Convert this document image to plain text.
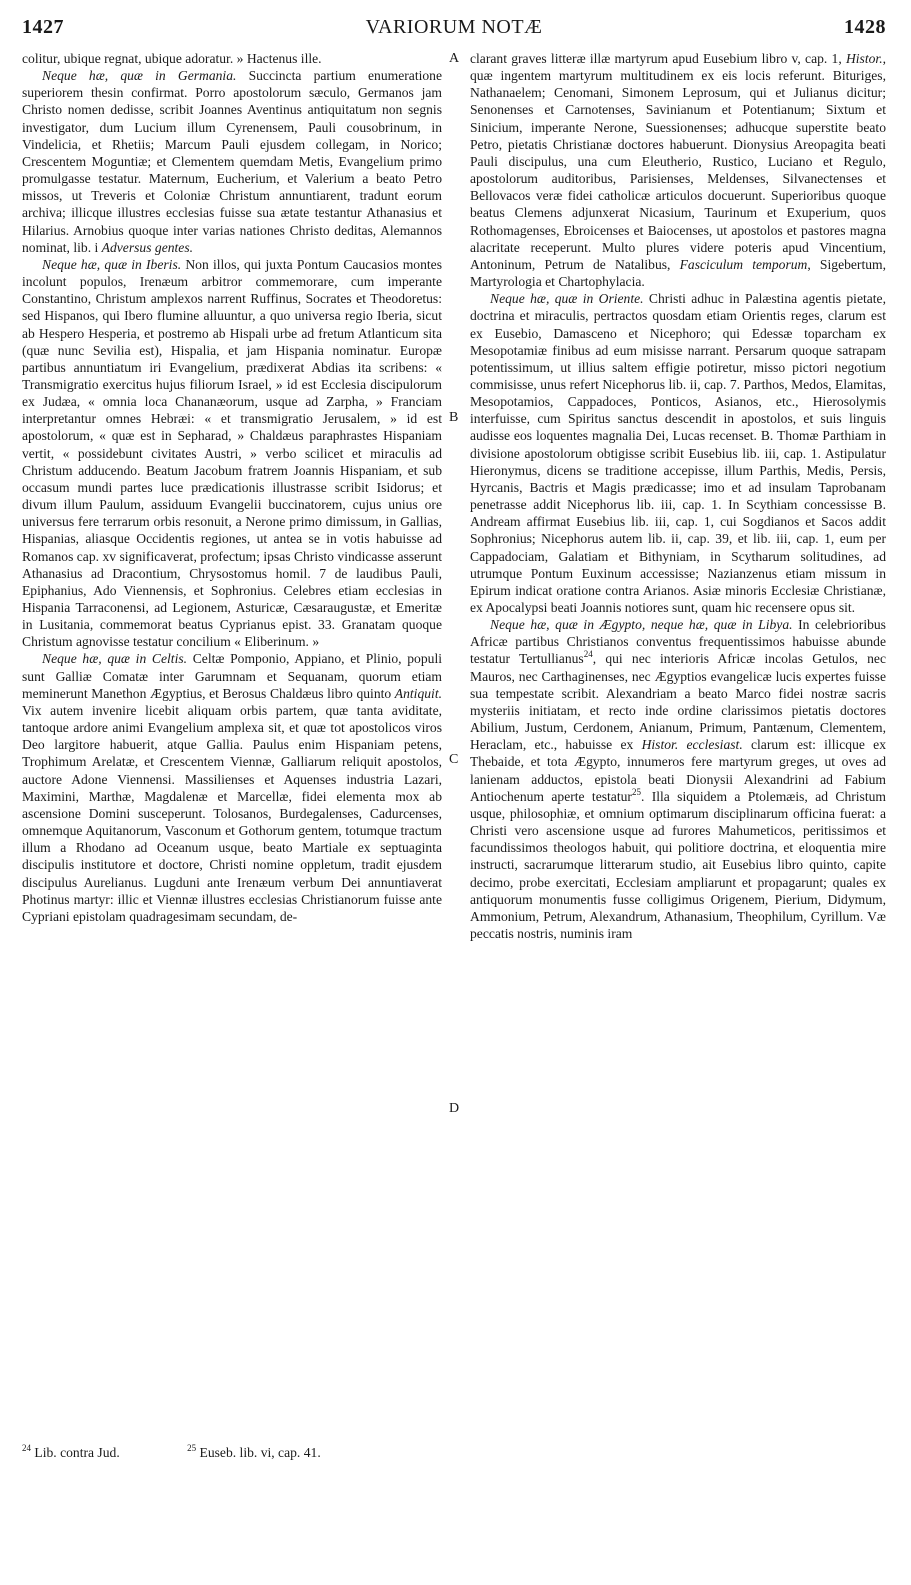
1427	VARIORUM NOTÆ	1428
A
B
C
D

colitur, ubique regnat, ubique adoratur. » Hactenus ille.

Neque hæ, quæ in Germania. Succincta partium enumeratione superiorem thesin confirmat. Porro apostolorum sæculo, Germanos jam Christo nomen dedisse, scribit Joannes Aventinus antiquitatum non segnis investigator, dum Lucium illum Cyrenensem, Pauli cousobrinum, in Vindelicia, et Rhetiis; Marcum Pauli ejusdem collegam, in Norico; Crescentem Moguntiæ; et Clementem quemdam Metis, Evangelium primo promulgasse testatur. Maternum, Eucherium, et Valerium a beato Petro missos, ut Treveris et Coloniæ Christum annuntiarent, tradunt eorum archiva; illicque illustres ecclesias fuisse sua ætate testantur Athanasius et Hilarius. Arnobius quoque inter varias nationes Christo deditas, Alemannos nominat, lib. i Adversus gentes.

Neque hæ, quæ in Iberis. Non illos, qui juxta Pontum Caucasios montes incolunt populos, Irenæum arbitror commemorare, cum imperante Constantino, Christum amplexos narrent Ruffinus, Socrates et Theodoretus: sed Hispanos, qui Ibero flumine alluuntur, a quo universa regio Iberia, sicut ab Hespero Hesperia, et postremo ab Hispali urbe ad fretum Atlanticum sita (quæ nunc Sevilia est), Hispalia, et jam Hispania nominatur. Europæ partibus annuntiatum iri Evangelium, prædixerat Abdias ita scribens: « Transmigratio exercitus hujus filiorum Israel, » id est Ecclesia discipulorum ex Judæa, « omnia loca Chananæorum, usque ad Zarpha, » Franciam interpretantur omnes Hebræi: « et transmigratio Jerusalem, » id est apostolorum, « quæ est in Sepharad, » Chaldæus paraphrastes Hispaniam vertit, « possidebunt civitates Austri, » verbo scilicet et miraculis ad Christum adducendo. Beatum Jacobum fratrem Joannis Hispaniam, et sub occasum mundi partes luce prædicationis illustrasse scribit Isidorus; et divum illum Paulum, assiduum Evangelii buccinatorem, cujus unius ore universus fere terrarum orbis resonuit, a Nerone primo dimissum, in Gallias, Hispanias, aliasque Occidentis regiones, ut antea se in votis habuisse ad Romanos cap. xv significaverat, profectum; ipsas Christo vindicasse asserunt Athanasius ad Dracontium, Chrysostomus homil. 7 de laudibus Pauli, Epiphanius, Ado Viennensis, et Sophronius. Celebres etiam ecclesias in Hispania Tarraconensi, ad Legionem, Asturicæ, Cæsaraugustæ, et Emeritæ in Lusitania, commemorat beatus Cyprianus epist. 33. Granatam quoque Christum agnovisse testatur concilium « Eliberinum. »

Neque hæ, quæ in Celtis. Celtæ Pomponio, Appiano, et Plinio, populi sunt Galliæ Comatæ inter Garumnam et Sequanam, quorum etiam meminerunt Manethon Ægyptius, et Berosus Chaldæus libro quinto Antiquit. Vix autem invenire licebit aliquam orbis partem, quæ tanta aviditate, tantoque ardore animi Evangelium amplexa sit, et quæ tot apostolicos viros Deo largitore habuerit, atque Gallia. Paulus enim Hispaniam petens, Trophimum Arelatæ, et Crescentem Viennæ, Galliarum reliquit apostolos, auctore Adone Viennensi. Massilienses et Aquenses industria Lazari, Maximini, Marthæ, Magdalenæ et Marcellæ, fidei elementa mox ab ascensione Domini susceperunt. Tolosanos, Burdegalenses, Cadurcenses, omnemque Aquitanorum, Vasconum et Gothorum gentem, totumque tractum illum a Rhodano ad Oceanum usque, beato Martiale ex septuaginta discipulis institutore et doctore, Christi nomine oppletum, tradit ejusdem discipulus Aurelianus. Lugduni ante Irenæum verbum Dei annuntiaverat Photinus martyr: illic et Viennæ illustres ecclesias Christianorum fuisse ante Cypriani epistolam quadragesimam secundam, de-

clarant graves litteræ illæ martyrum apud Eusebium libro v, cap. 1, Histor., quæ ingentem martyrum multitudinem ex eis locis referunt. Bituriges, Nathanaelem; Cenomani, Simonem Leprosum, qui et Julianus dicitur; Senonenses et Carnotenses, Savinianum et Potentianum; Sixtum et Sinicium, imperante Nerone, Suessionenses; adhucque superstite beato Petro, pietatis Christianæ doctores habuerunt. Dionysius Areopagita beati Pauli discipulus, una cum Eleutherio, Rustico, Luciano et Regulo, apostolorum auditoribus, Parisienses, Meldenses, Silvanectenses et Bellovacos veræ fidei catholicæ articulos docuerunt. Superioribus quoque beatus Clemens adjunxerat Nicasium, Taurinum et Exuperium, quos Rothomagenses, Ebroicenses et Baiocenses, ut apostolos et pastores magna alacritate receperunt. Multo plures videre poteris apud Vincentium, Antoninum, Petrum de Natalibus, Fasciculum temporum, Sigebertum, Martyrologia et Chartophylacia.

Neque hæ, quæ in Oriente. Christi adhuc in Palæstina agentis pietate, doctrina et miraculis, pertractos quosdam etiam Orientis reges, clarum est ex Eusebio, Damasceno et Nicephoro; qui Edessæ toparcham ex Mesopotamiæ finibus ad eum misisse narrant. Persarum quoque satrapam potentissimum, ut illius saltem effigie potiretur, misso pictori negotium commisisse, unus refert Nicephorus lib. ii, cap. 7. Parthos, Medos, Elamitas, Mesopotamios, Cappadoces, Ponticos, Asianos, etc., Hierosolymis interfuisse, cum Spiritus sanctus descendit in apostolos, et suis linguis audisse eos loquentes magnalia Dei, Lucas recenset. B. Thomæ Parthiam in divisione apostolorum obtigisse scribit Eusebius lib. iii, cap. 1. Astipulatur Hieronymus, dicens se traditione accepisse, illum Parthis, Medis, Persis, Hyrcanis, Bactris et Magis prædicasse; imo et ad insulam Taprobanam penetrasse addit Nicephorus lib. iii, cap. 1. In Scythiam concessisse B. Andream affirmat Eusebius lib. iii, cap. 1, cui Sogdianos et Sacos addit Sophronius; Nicephorus autem lib. ii, cap. 39, et lib. iii, cap. 1, eum per Cappadociam, Galatiam et Bithyniam, in Scytharum solitudines, ad utrumque Pontum Euxinum accessisse; Nazianzenus etiam missum in Epirum indicat oratione contra Arianos. Asiæ minoris Ecclesiæ Christianæ, ex Apocalypsi beati Joannis notiores sunt, quam hic recensere opus sit.

Neque hæ, quæ in Ægypto, neque hæ, quæ in Libya. In celebrioribus Africæ partibus Christianos conventus frequentissimos habuisse abunde testatur Tertullianus$^{24}$, qui nec interioris Africæ incolas Getulos, nec Mauros, nec Carthaginenses, nec Ægyptios evangelicæ lucis expertes fuisse sua tempestate scribit. Alexandriam a beato Marco fidei nostræ sacris mysteriis initiatam, et recto inde ordine clarissimos pietatis doctores Abilium, Justum, Cerdonem, Anianum, Primum, Pantænum, Clementem, Heraclam, etc., habuisse ex Histor. ecclesiast. clarum est: illicque ex Thebaide, et tota Ægypto, innumeros fere martyrum greges, ut oves ad lanienam adductos, epistola beati Dionysii Alexandrini ad Fabium Antiochenum aperte testatur$^{25}$. Illa siquidem a Ptolemæis, ad Christum usque, philosophiæ, et omnium optimarum disciplinarum officina fuerat: a Christi vero ascensione usque ad furores Mahumeticos, peritissimos et facundissimos theologos habuit, qui politiore doctrina, et eloquentia mire instructi, sacrarumque litterarum studio, ait Eusebius libro quinto, capite decimo, probe exercitati, Ecclesiam ampliarunt et propagarunt; quales ex antiquorum monumentis fusse colligimus Origenem, Pierium, Didymum, Ammonium, Petrum, Alexandrum, Athanasium, Theophilum, Cyrillum. Væ peccatis nostris, numinis iram

$^{24}$ Lib. contra Jud.	$^{25}$ Euseb. lib. vi, cap. 41.
